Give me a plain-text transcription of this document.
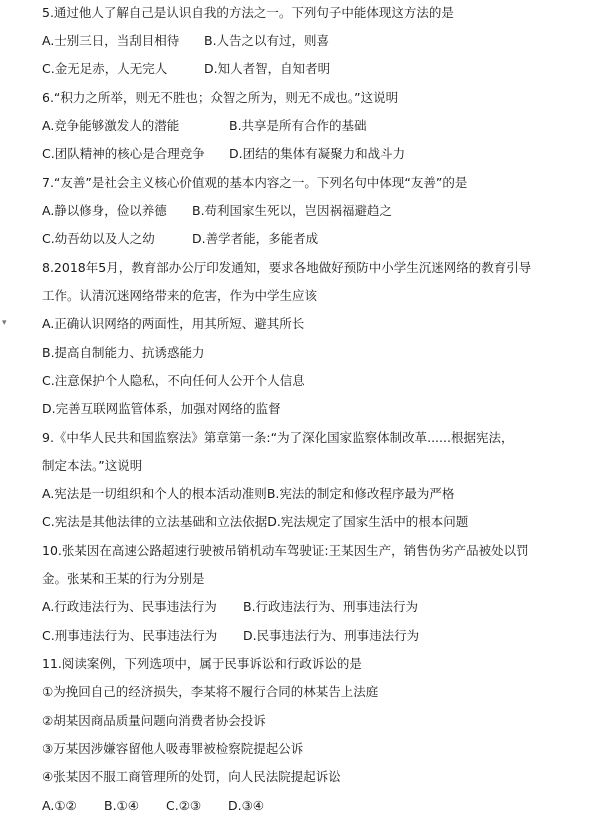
5.通过他人了解自己是认识自我的方法之一。下列句子中能体现这方法的是
A.士别三日，当刮目相待 B.人告之以有过，则喜
C.金无足赤，人无完人	D.知人者智，自知者明
6.“积力之所举，则无不胜也；众智之所为，则无不成也。”这说明
A.竞争能够激发人的潜能	B.共享是所有合作的基础
C.团队精神的核心是合理竞争 D.团结的集体有凝聚力和战斗力
7.“友善”是社会主义核心价值观的基本内容之一。下列名句中体现“友善”的是
A.静以修身，俭以养德 B.苟利国家生死以，岂因祸福避趋之
C.幼吾幼以及人之幼	D.善学者能，多能者成
8.2018年5月，教育部办公厅印发通知，要求各地做好预防中小学生沉迷网络的教育引导
工作。认清沉迷网络带来的危害，作为中学生应该
A.正确认识网络的两面性，用其所短、避其所长
B.提高自制能力、抗诱惑能力
C.注意保护个人隐私，不向任何人公开个人信息
D.完善互联网监管体系，加强对网络的监督
9.《中华人民共和国监察法》第章第一条:“为了深化国家监察体制改革......根据宪法，
制定本法。”这说明
A.宪法是一切组织和个人的根本活动准则B.宪法的制定和修改程序最为严格
C.宪法是其他法律的立法基础和立法依据D.宪法规定了国家生活中的根本问题
10.张某因在高速公路超速行驶被吊销机动车驾驶证:王某因生产，销售伪劣产品被处以罚
金。张某和王某的行为分别是
A.行政违法行为、民事违法行为 B.行政违法行为、刑事违法行为
C.刑事违法行为、民事违法行为 D.民事违法行为、刑事违法行为
11.阅读案例，下列选项中，属于民事诉讼和行政诉讼的是
①为挽回自己的经济损失，李某将不履行合同的林某告上法庭
②胡某因商品质量问题向消费者协会投诉
③万某因涉嫌容留他人吸毒罪被检察院提起公诉
④张某因不服工商管理所的处罚，向人民法院提起诉讼
A.①② B.①④ C.②③ D.③④
▾
